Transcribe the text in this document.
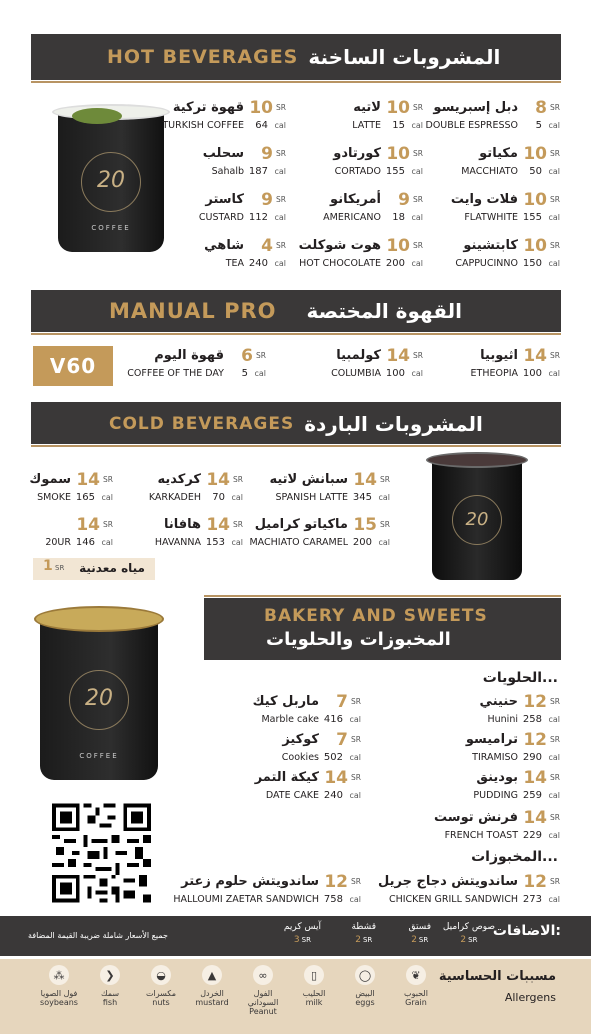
HOT BEVERAGES المشروبات الساخنة
20
COFFEE
دبل إسبريسو
DOUBLE ESPRESSO
8
5
SR
cal
لاتيه
LATTE
10
15
SR
cal
قهوة تركية
TURKISH COFFEE
10
64
SR
cal
مكياتو
MACCHIATO
10
50
SR
cal
كورتادو
CORTADO
10
155
SR
cal
سحلب
Sahalb
9
187
SR
cal
فلات وايت
FLATWHITE
10
155
SR
cal
أمريكانو
AMERICANO
9
18
SR
cal
كاستر
CUSTARD
9
112
SR
cal
كابتشينو
CAPPUCINNO
10
150
SR
cal
هوت شوكلت
HOT CHOCOLATE
10
200
SR
cal
شاهي
TEA
4
240
SR
cal
MANUAL PRO القهوة المختصة
V60	اثيوبيا
ETHEOPIA
14
100
SR
cal
كولمبيا
COLUMBIA
14
100
SR
cal
قهوة اليوم
COFFEE OF THE DAY
6
5
SR
cal
COLD BEVERAGES المشروبات الباردة
سبانش لاتيه
SPANISH LATTE
14
345
SR
cal
كركديه
KARKADEH
14
70
SR
cal
سموك
SMOKE
14
165
SR
cal
ماكياتو كراميل
MACHIATO CARAMEL
15
200
SR
cal
هافانا
HAVANNA
14
153
SR
cal
20UR
14
146
SR
cal
1 SR مياه معدنية
20
BAKERY AND SWEETS
المخبوزات والحلويات
20
COFFEE
الحلويات...
المخبوزات...
حنيني
Hunini
12
258
SR
cal
ماربل كيك
Marble cake
7
416
SR
cal
ترامیسو
TIRAMISO
12
290
SR
cal
كوكيز
Cookies
7
502
SR
cal
بودينق
PUDDING
14
259
SR
cal
كيكة التمر
DATE CAKE
14
240
SR
cal
فرنش توست
FRENCH TOAST
14
229
SR
cal
ساندويتش دجاج جريل
CHICKEN GRILL SANDWICH
12
273
SR
cal
ساندويتش حلوم زعتر
HALLOUMI ZAETAR SANDWICH
12
758
SR
cal
الاضافات:
جميع الأسعار شاملة ضريبة القيمة المضافة
صوص كراميل
2 SR
فستق
2 SR
قشطة
2 SR
آيس كريم
3 SR
مسببات الحساسية
Allergens
❦
الحبوب
Grain
◯
البيض
eggs
▯
الحليب
milk
∞
الفول السوداني
Peanut
▲
الخردل
mustard
◒
مكسرات
nuts
❯
سمك
fish
⁂
فول الصويا
soybeans
